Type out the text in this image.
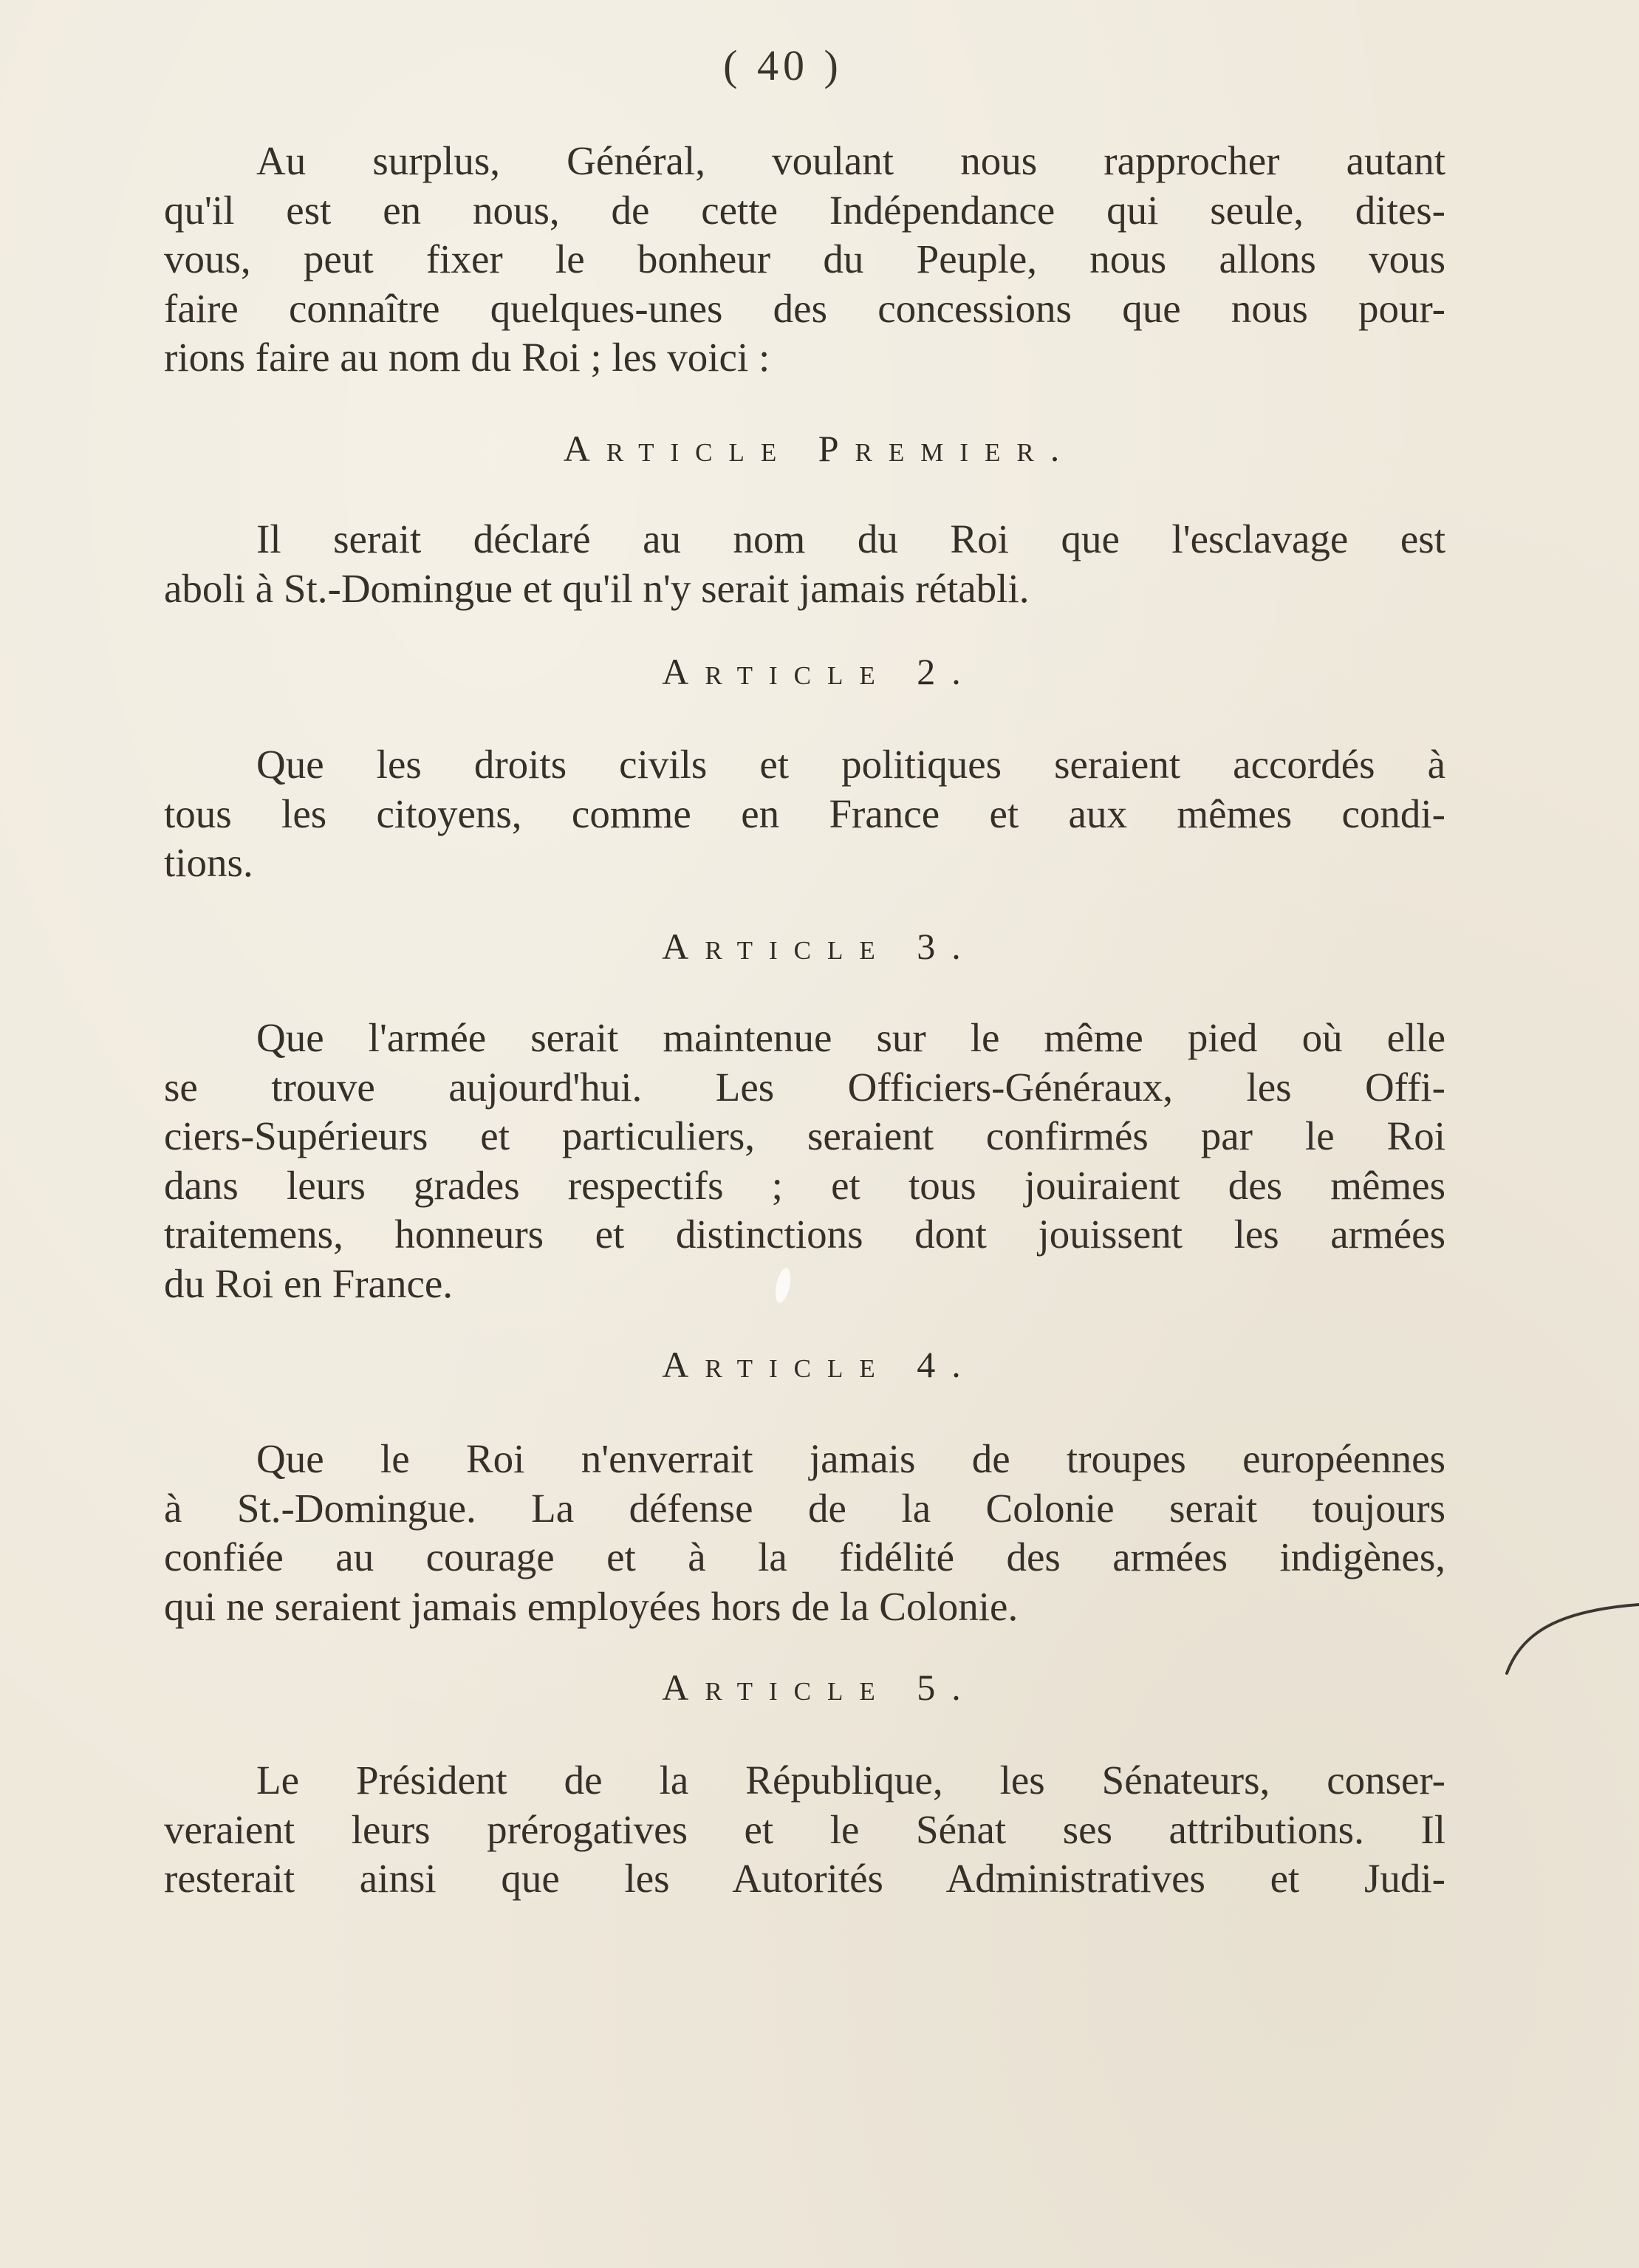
( 40 )
Au surplus, Général, voulant nous rapprocher autant
qu'il est en nous, de cette Indépendance qui seule, dites-
vous, peut fixer le bonheur du Peuple, nous allons vous
faire connaître quelques-unes des concessions que nous pour-
rions faire au nom du Roi ; les voici :
Article Premier.
Il serait déclaré au nom du Roi que l'esclavage est
aboli à St.-Domingue et qu'il n'y serait jamais rétabli.
Article 2.
Que les droits civils et politiques seraient accordés à
tous les citoyens, comme en France et aux mêmes condi-
tions.
Article 3.
Que l'armée serait maintenue sur le même pied où elle
se trouve aujourd'hui. Les Officiers-Généraux, les Offi-
ciers-Supérieurs et particuliers, seraient confirmés par le Roi
dans leurs grades respectifs ; et tous jouiraient des mêmes
traitemens, honneurs et distinctions dont jouissent les armées
du Roi en France.
Article 4.
Que le Roi n'enverrait jamais de troupes européennes
à St.-Domingue. La défense de la Colonie serait toujours
confiée au courage et à la fidélité des armées indigènes,
qui ne seraient jamais employées hors de la Colonie.
Article 5.
Le Président de la République, les Sénateurs, conser-
veraient leurs prérogatives et le Sénat ses attributions. Il
resterait ainsi que les Autorités Administratives et Judi-
